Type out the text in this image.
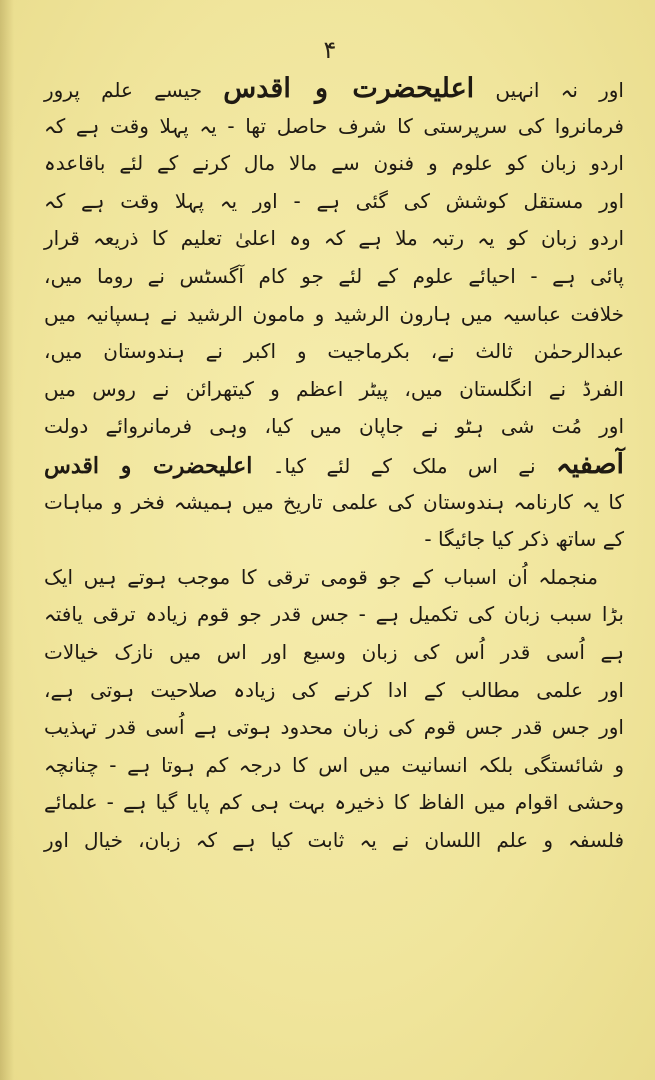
۴
اور نہ انہیں اعلیحضرت و اقدس جیسے علم پرور
فرمانروا کی سرپرستی کا شرف حاصل تھا - یہ پہلا وقت ہے کہ
اردو زبان کو علوم و فنون سے مالا مال کرنے کے لئے باقاعدہ
اور مستقل کوشش کی گئی ہے - اور یہ پہلا وقت ہے کہ
اردو زبان کو یہ رتبہ ملا ہے کہ وہ اعلیٰ تعلیم کا ذریعہ قرار
پائی ہے - احیائے علوم کے لئے جو کام آگسٹس نے روما میں،
خلافت عباسیہ میں ہارون الرشید و مامون الرشید نے ہسپانیہ میں
عبدالرحمٰن ثالث نے، بکرماجیت و اکبر نے ہندوستان میں،
الفرڈ نے انگلستان میں، پیٹر اعظم و کیتھرائن نے روس میں
اور مُت شی ہٹو نے جاپان میں کیا، وہی فرمانروائے دولت
آصفیہ نے اس ملک کے لئے کیا۔ اعلیحضرت و اقدس
کا یہ کارنامہ ہندوستان کی علمی تاریخ میں ہمیشہ فخر و مباہات
کے ساتھ ذکر کیا جائیگا -
منجملہ اُن اسباب کے جو قومی ترقی کا موجب ہوتے ہیں ایک
بڑا سبب زبان کی تکمیل ہے - جس قدر جو قوم زیادہ ترقی یافتہ
ہے اُسی قدر اُس کی زبان وسیع اور اس میں نازک خیالات
اور علمی مطالب کے ادا کرنے کی زیادہ صلاحیت ہوتی ہے،
اور جس قدر جس قوم کی زبان محدود ہوتی ہے اُسی قدر تہذیب
و شائستگی بلکہ انسانیت میں اس کا درجہ کم ہوتا ہے - چنانچہ
وحشی اقوام میں الفاظ کا ذخیرہ بہت ہی کم پایا گیا ہے - علمائے
فلسفہ و علم اللسان نے یہ ثابت کیا ہے کہ زبان، خیال اور
